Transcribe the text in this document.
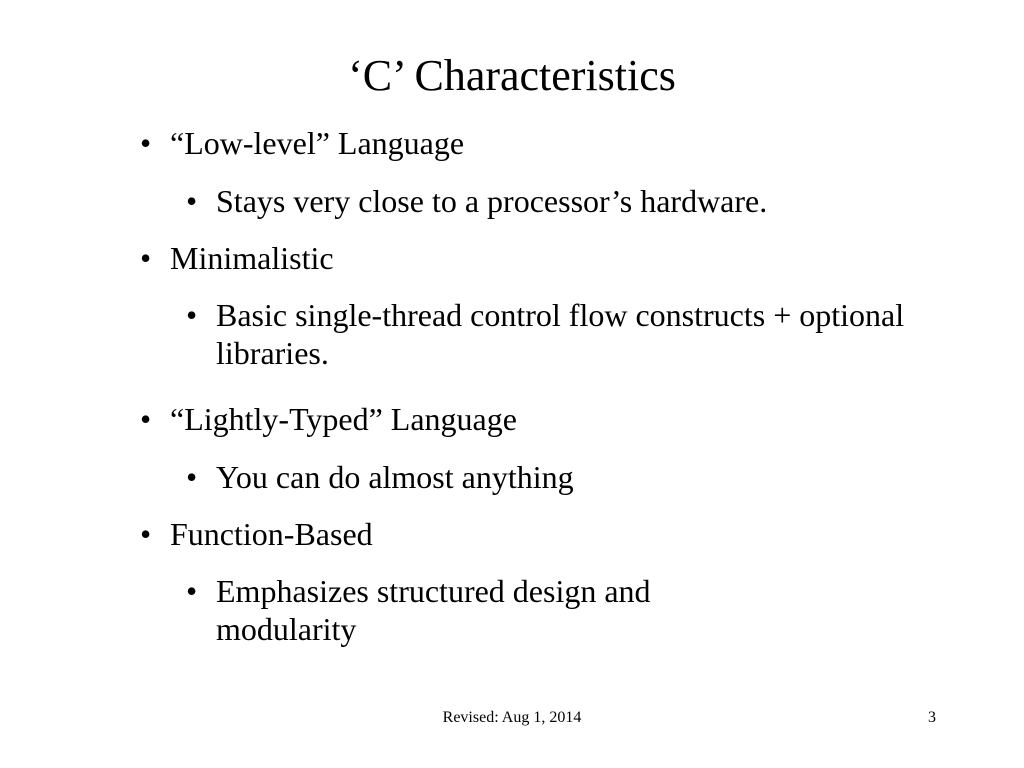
‘C’ Characteristics
• “Low-level” Language
• Stays very close to a processor’s hardware.
• Minimalistic
• Basic single-thread control flow constructs + optional libraries.
• “Lightly-Typed” Language
• You can do almost anything
• Function-Based
• Emphasizes structured design and modularity
Revised: Aug 1, 2014	3
